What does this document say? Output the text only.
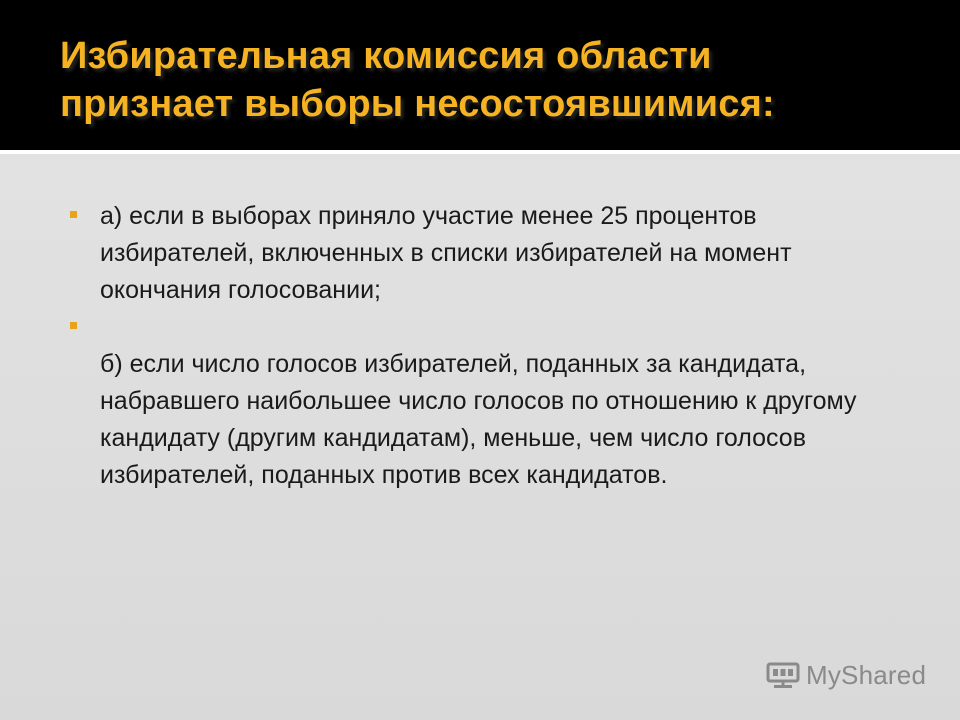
Избирательная комиссия области
признает выборы несостоявшимися:
а) если в выборах приняло участие менее 25 процентов избирателей, включенных в списки избирателей на момент окончания голосовании;
б) если число голосов избирателей, поданных за кандидата, набравшего наибольшее число голосов по отношению к другому кандидату (другим кандидатам), меньше, чем число голосов избирателей, поданных против всех кандидатов.
MyShared
